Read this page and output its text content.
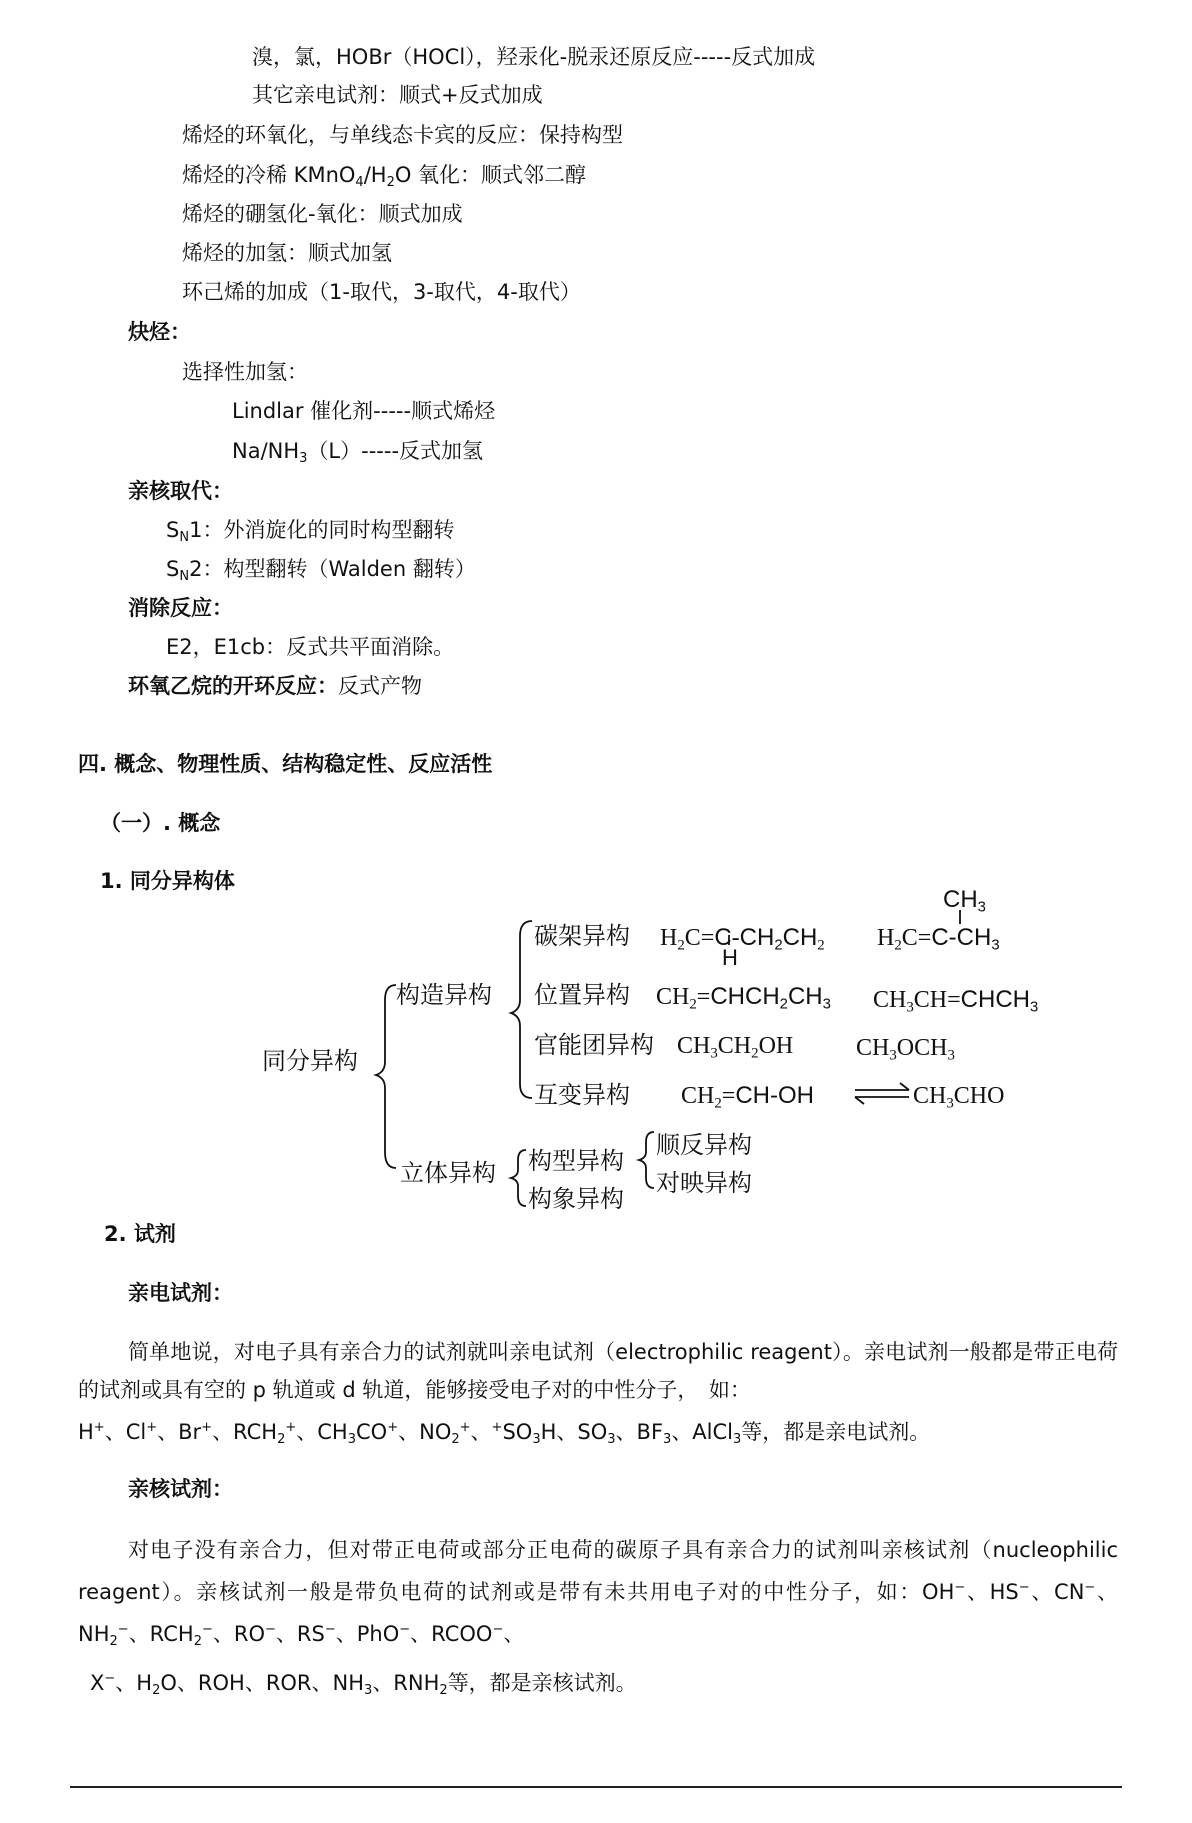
溴，氯，HOBr（HOCl），羟汞化-脱汞还原反应-----反式加成
其它亲电试剂：顺式+反式加成
烯烃的环氧化，与单线态卡宾的反应：保持构型
烯烃的冷稀 $KMnO_4/H_2O$ 氧化：顺式邻二醇
烯烃的硼氢化-氧化：顺式加成
烯烃的加氢：顺式加氢
环己烯的加成（1-取代，3-取代，4-取代）
炔烃：
选择性加氢：
Lindlar 催化剂-----顺式烯烃
$Na/NH_3(L)-----$反式加氢
亲核取代：
$S_N1$：外消旋化的同时构型翻转
$S_N2$：构型翻转（Walden 翻转）
消除反应：
E2，E1cb：反式共平面消除。
环氧乙烷的开环反应：反式产物
四. 概念、物理性质、结构稳定性、反应活性
（一）. 概念
1. 同分异构体
同分异构
构造异构
立体异构
碳架异构
位置异构
官能团异构
互变异构
构型异构
构象异构
顺反异构
对映异构
$CH_3$
$H_2C=C-CH_2CH_2$
H
$H_2C=C-CH_3$
$CH_2=CHCH_2CH_3$ $CH_3CH=CHCH_3$
$CH_3CH_2OH$	$CH_3OCH_3$
$CH_2=CH-OH$	$CH_3CHO$
2. 试剂
亲电试剂：
简单地说，对电子具有亲合力的试剂就叫亲电试剂（electrophilic reagent）。亲电试剂一般都是带正电荷的试剂或具有空的 p 轨道或 d 轨道，能够接受电子对的中性分子，　如：
H+、Cl+、Br+、$RCH_2^+$、$CH_3CO^+$、$NO_2^+$、$^+SO_3H$、$SO_3$、$BF_3$、AlCl$_3$等，都是亲电试剂。
亲核试剂：
对电子没有亲合力，但对带正电荷或部分正电荷的碳原子具有亲合力的试剂叫亲核试剂（nucleophilic reagent）。亲核试剂一般是带负电荷的试剂或是带有未共用电子对的中性分子，如：OH−、HS−、CN−、$NH_2^-$、$RCH_2^-$、RO−、RS−、PhO−、RCOO−、
X−、$H_2O$、ROH、ROR、$NH_3$、$RNH_2$等，都是亲核试剂。
